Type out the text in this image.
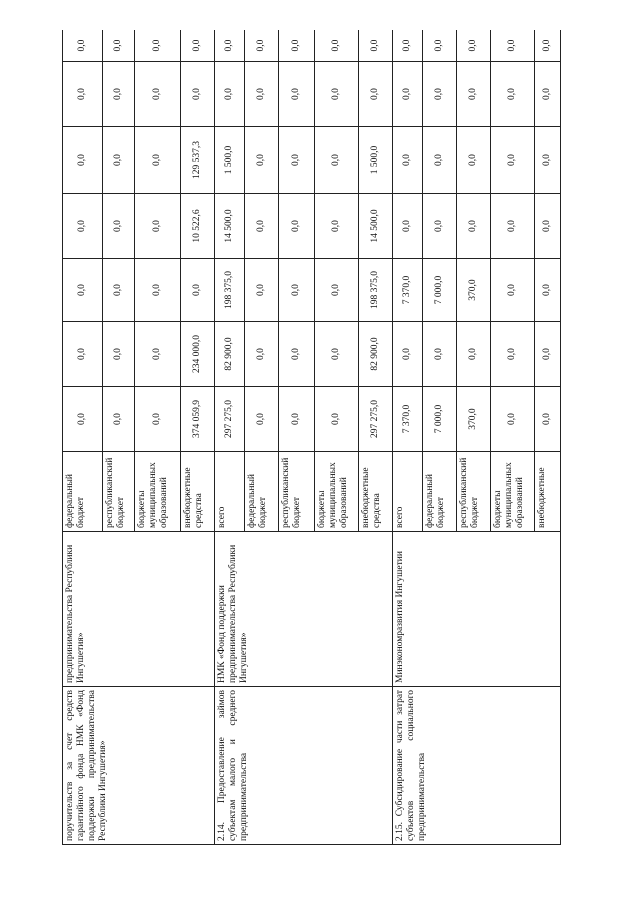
поручительств за счет средств гарантийного фонда НМК «Фонд поддержки предпринимательства Республики Ингушетия»	предпринимательства Республики Ингушетия»	федеральный бюджет	0,0	0,0	0,0	0,0	0,0	0,0	0,0
		республиканский бюджет	0,0	0,0	0,0	0,0	0,0	0,0	0,0
		бюджеты муниципальных образований	0,0	0,0	0,0	0,0	0,0	0,0	0,0
		внебюджетные средства	374 059,9	234 000,0	0,0	10 522,6	129 537,3	0,0	0,0
2.14. Предоставление займов субъектам малого и среднего предпринимательства	НМК «Фонд поддержки предпринимательства Республики Ингушетия»	всего	297 275,0	82 900,0	198 375,0	14 500,0	1 500,0	0,0	0,0
		федеральный бюджет	0,0	0,0	0,0	0,0	0,0	0,0	0,0
		республиканский бюджет	0,0	0,0	0,0	0,0	0,0	0,0	0,0
		бюджеты муниципальных образований	0,0	0,0	0,0	0,0	0,0	0,0	0,0
		внебюджетные средства	297 275,0	82 900,0	198 375,0	14 500,0	1 500,0	0,0	0,0
2.15. Субсидирование части затрат субъектов социального предпринимательства	Минэкономразвития Ингушетии	всего	7 370,0	0,0	7 370,0	0,0	0,0	0,0	0,0
		федеральный бюджет	7 000,0	0,0	7 000,0	0,0	0,0	0,0	0,0
		республиканский бюджет	370,0	0,0	370,0	0,0	0,0	0,0	0,0
		бюджеты муниципальных образований	0,0	0,0	0,0	0,0	0,0	0,0	0,0
		внебюджетные	0,0	0,0	0,0	0,0	0,0	0,0	0,0
